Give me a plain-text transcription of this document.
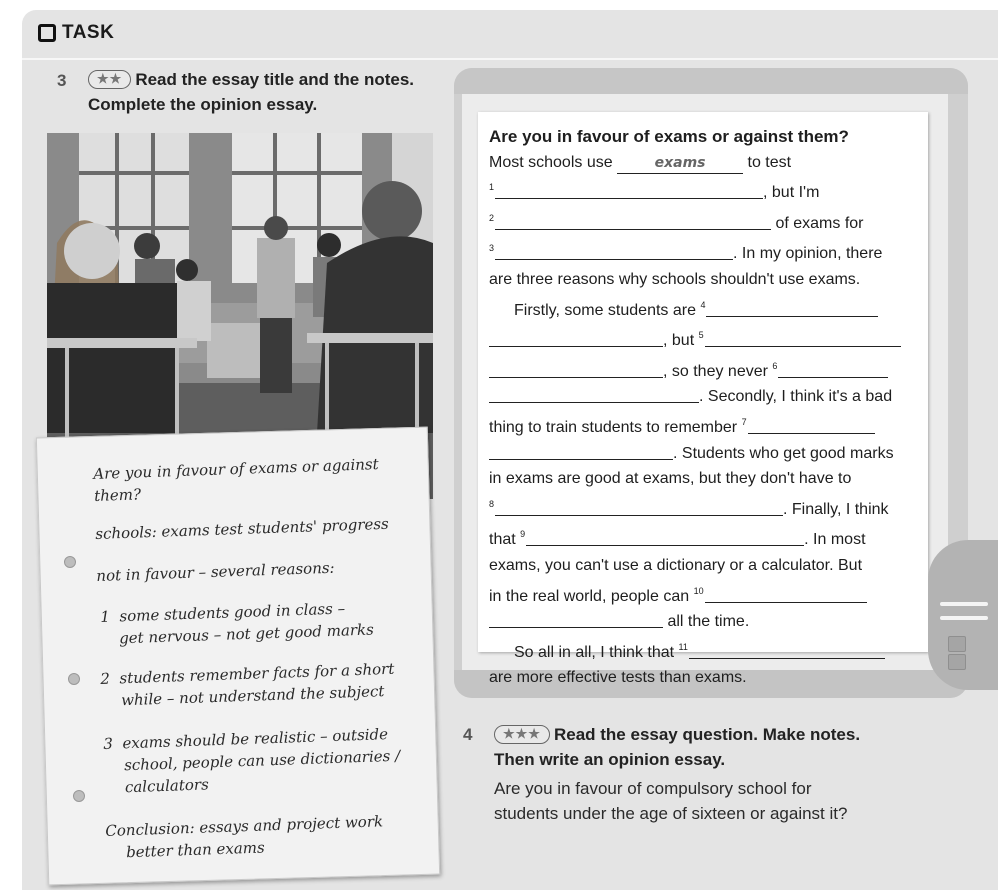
TASK
3	★★ Read the essay title and the notes.
Complete the opinion essay.
Are you in favour of exams or against
them?
schools: exams test students' progress
not in favour – several reasons:
1 some students good in class –
get nervous – not get good marks
2 students remember facts for a short
while – not understand the subject
3 exams should be realistic – outside
school, people can use dictionaries /
calculators
Conclusion: essays and project work
better than exams
Are you in favour of exams or against them?
Most schools use	exams	to test
$^1$	, but I'm
$^2$	of exams for
$^3$	. In my opinion, there
are three reasons why schools shouldn't use exams.
Firstly, some students are $^4$
, but $^5$
, so they never $^6$
. Secondly, I think it's a bad
thing to train students to remember $^7$
. Students who get good marks
in exams are good at exams, but they don't have to
$^8$	. Finally, I think
that $^9$	. In most
exams, you can't use a dictionary or a calculator. But
in the real world, people can $^{10}$
all the time.
So all in all, I think that $^{11}$
are more effective tests than exams.
4	★★★ Read the essay question. Make notes.
Then write an opinion essay.
Are you in favour of compulsory school for
students under the age of sixteen or against it?
